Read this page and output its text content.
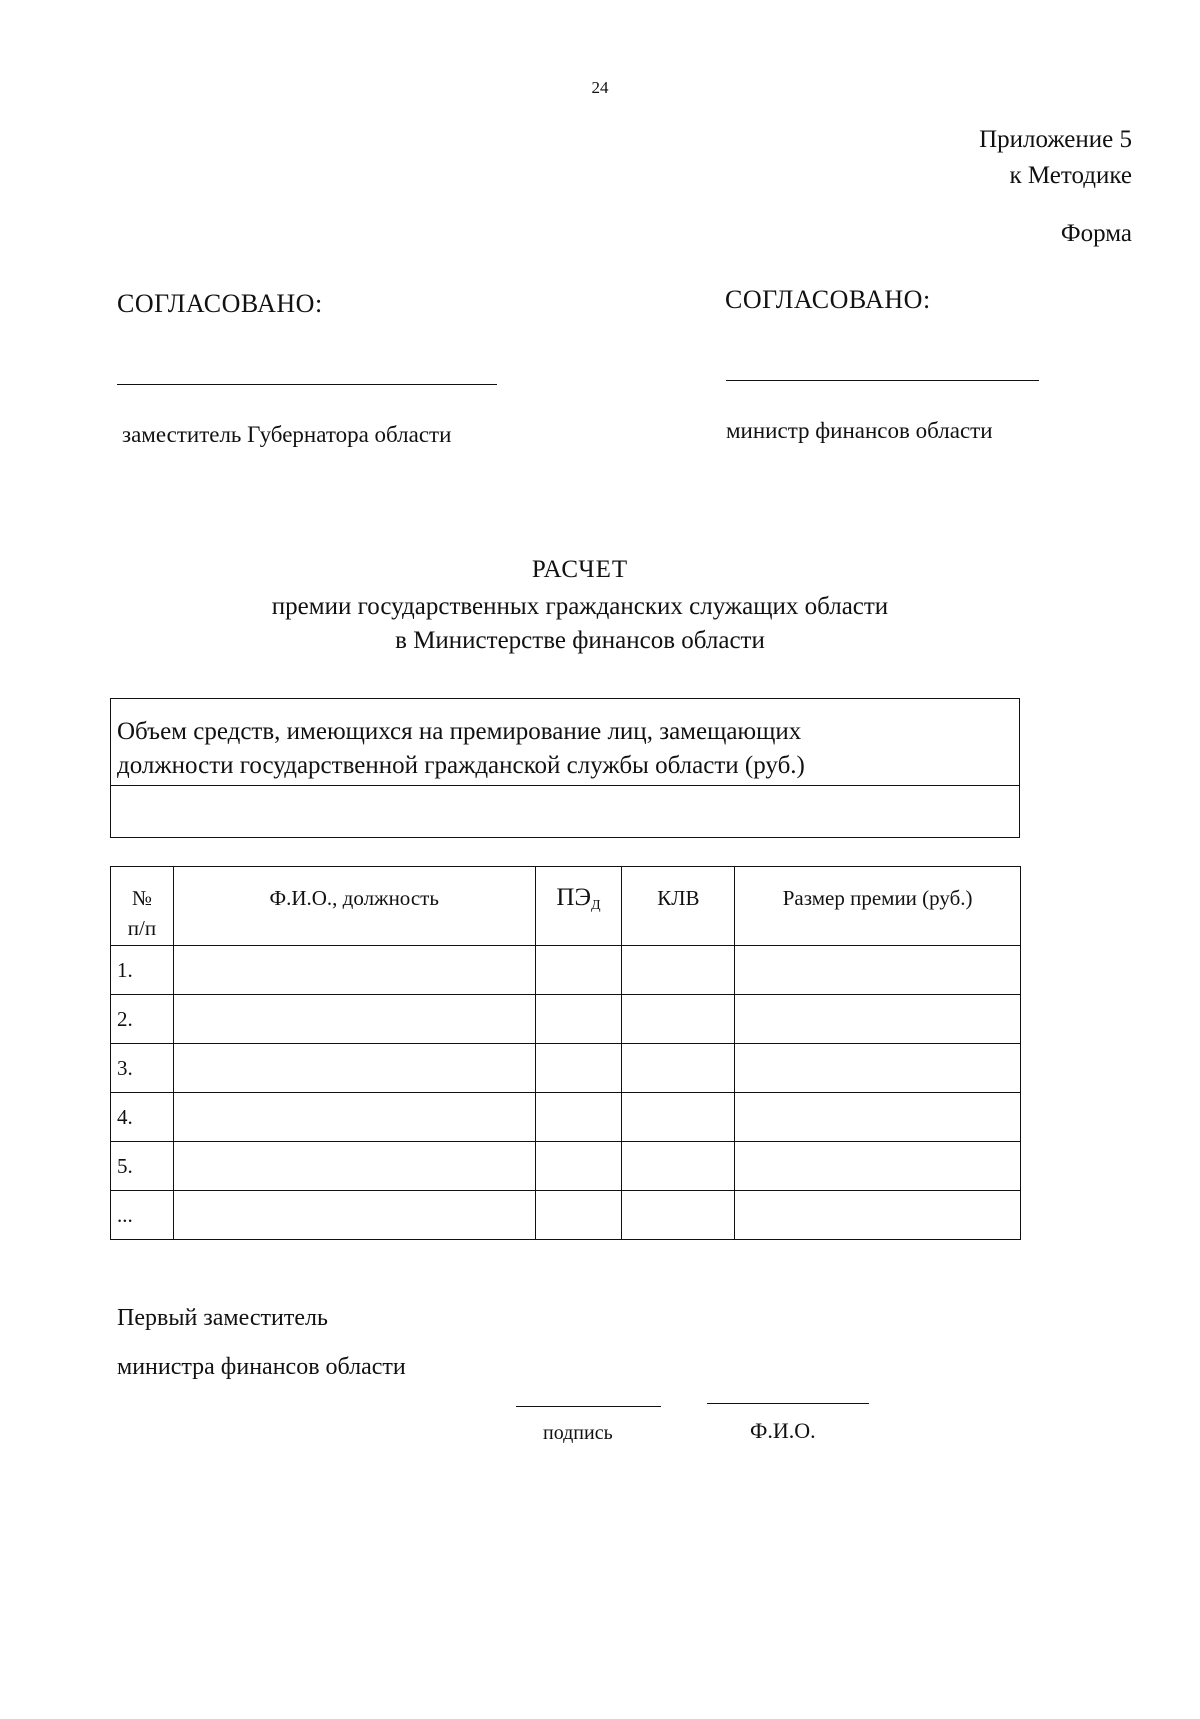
24
Приложение 5
к Методике
Форма
СОГЛАСОВАНО:	СОГЛАСОВАНО:
заместитель Губернатора области	министр финансов области
РАСЧЕТ
премии государственных гражданских служащих области
в Министерстве финансов области
Объем средств, имеющихся на премирование лиц, замещающих
должности государственной гражданской службы области (руб.)
№
п/п	Ф.И.О., должность	$ПЭ_Д$	КЛВ	Размер премии (руб.)
1.				
2.				
3.				
4.				
5.				
...				
Первый заместитель
министра финансов области
подпись	Ф.И.О.
